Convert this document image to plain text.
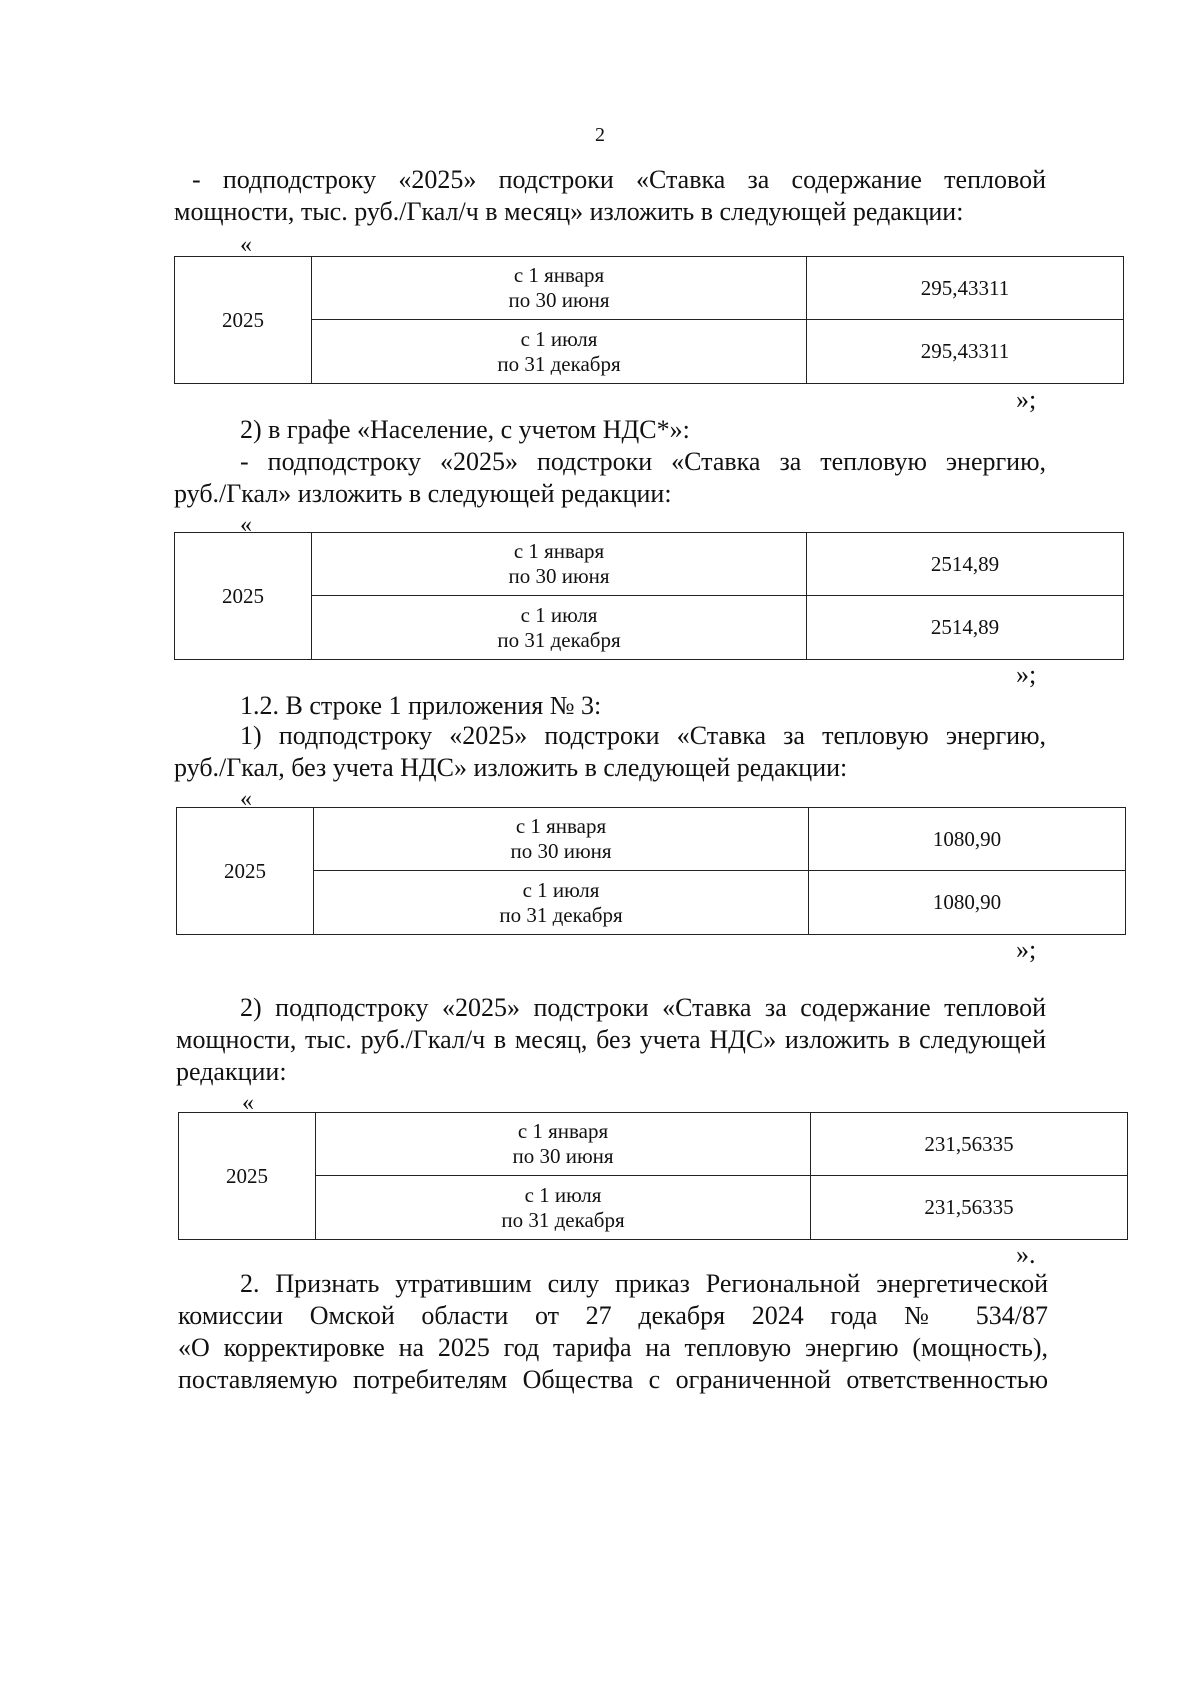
2

- подподстроку «2025» подстроки «Ставка за содержание тепловой

мощности, тыс. руб./Гкал/ч в месяц» изложить в следующей редакции:

«
2025	с 1 января
по 30 июня	295,43311

	с 1 июля
по 31 декабря	295,43311
»;

2) в графе «Население, с учетом НДС*»:

- подподстроку «2025» подстроки «Ставка за тепловую энергию,

руб./Гкал» изложить в следующей редакции:

«
2025	с 1 января
по 30 июня	2514,89

	с 1 июля
по 31 декабря	2514,89
»;

1.2. В строке 1 приложения № 3:

1) подподстроку «2025» подстроки «Ставка за тепловую энергию,

руб./Гкал, без учета НДС» изложить в следующей редакции:

«
2025	с 1 января
по 30 июня	1080,90

	с 1 июля
по 31 декабря	1080,90
»;

2) подподстроку «2025» подстроки «Ставка за содержание тепловой

мощности, тыс. руб./Гкал/ч в месяц, без учета НДС» изложить в следующей

редакции:

«
2025	с 1 января
по 30 июня	231,56335

	с 1 июля
по 31 декабря	231,56335
».

2. Признать утратившим силу приказ Региональной энергетической

комиссии Омской области от 27 декабря 2024 года № 534/87

«О корректировке на 2025 год тарифа на тепловую энергию (мощность),

поставляемую потребителям Общества с ограниченной ответственностью
